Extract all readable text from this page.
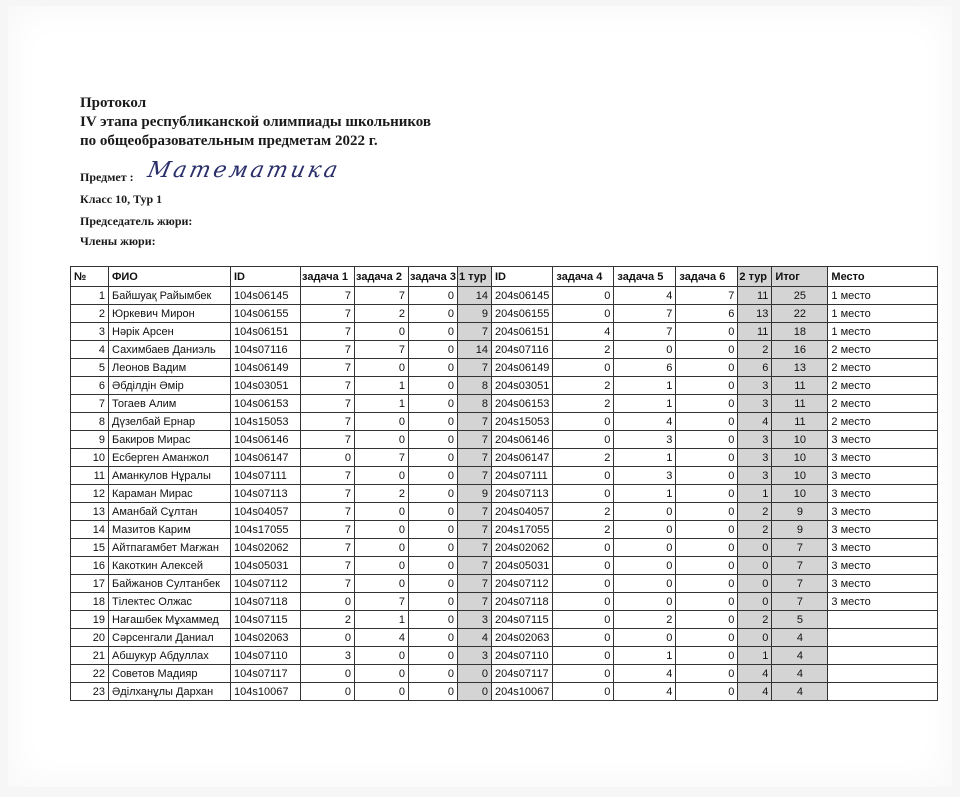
Протокол
IV этапа республиканской олимпиады школьников
по общеобразовательным предметам 2022 г.
Предмет : Математика
Класс 10, Тур 1
Председатель жюри:
Члены жюри:
№	ФИО	ID	задача 1	задача 2	задача 3	1 тур	ID	задача 4	задача 5	задача 6	2 тур	Итог	Место
1	Байшуақ Райымбек	104s06145	7	7	0	14	204s06145	0	4	7	11	25	1 место
2	Юркевич Мирон	104s06155	7	2	0	9	204s06155	0	7	6	13	22	1 место
3	Нәрік Арсен	104s06151	7	0	0	7	204s06151	4	7	0	11	18	1 место
4	Сахимбаев Даниэль	104s07116	7	7	0	14	204s07116	2	0	0	2	16	2 место
5	Леонов Вадим	104s06149	7	0	0	7	204s06149	0	6	0	6	13	2 место
6	Әбділдін Әмір	104s03051	7	1	0	8	204s03051	2	1	0	3	11	2 место
7	Тогаев Алим	104s06153	7	1	0	8	204s06153	2	1	0	3	11	2 место
8	Дүзелбай Ернар	104s15053	7	0	0	7	204s15053	0	4	0	4	11	2 место
9	Бакиров Мирас	104s06146	7	0	0	7	204s06146	0	3	0	3	10	3 место
10	Есберген Аманжол	104s06147	0	7	0	7	204s06147	2	1	0	3	10	3 место
11	Аманкулов Нұралы	104s07111	7	0	0	7	204s07111	0	3	0	3	10	3 место
12	Караман Мирас	104s07113	7	2	0	9	204s07113	0	1	0	1	10	3 место
13	Аманбай Сұлтан	104s04057	7	0	0	7	204s04057	2	0	0	2	9	3 место
14	Мазитов Карим	104s17055	7	0	0	7	204s17055	2	0	0	2	9	3 место
15	Айтпагамбет Мағжан	104s02062	7	0	0	7	204s02062	0	0	0	0	7	3 место
16	Какоткин Алексей	104s05031	7	0	0	7	204s05031	0	0	0	0	7	3 место
17	Байжанов Султанбек	104s07112	7	0	0	7	204s07112	0	0	0	0	7	3 место
18	Тілектес Олжас	104s07118	0	7	0	7	204s07118	0	0	0	0	7	3 место
19	Нағашбек Мұхаммед	104s07115	2	1	0	3	204s07115	0	2	0	2	5	
20	Сәрсенгали Даниал	104s02063	0	4	0	4	204s02063	0	0	0	0	4	
21	Абшукур Абдуллах	104s07110	3	0	0	3	204s07110	0	1	0	1	4	
22	Советов Мадияр	104s07117	0	0	0	0	204s07117	0	4	0	4	4	
23	Әділханұлы Дархан	104s10067	0	0	0	0	204s10067	0	4	0	4	4	
